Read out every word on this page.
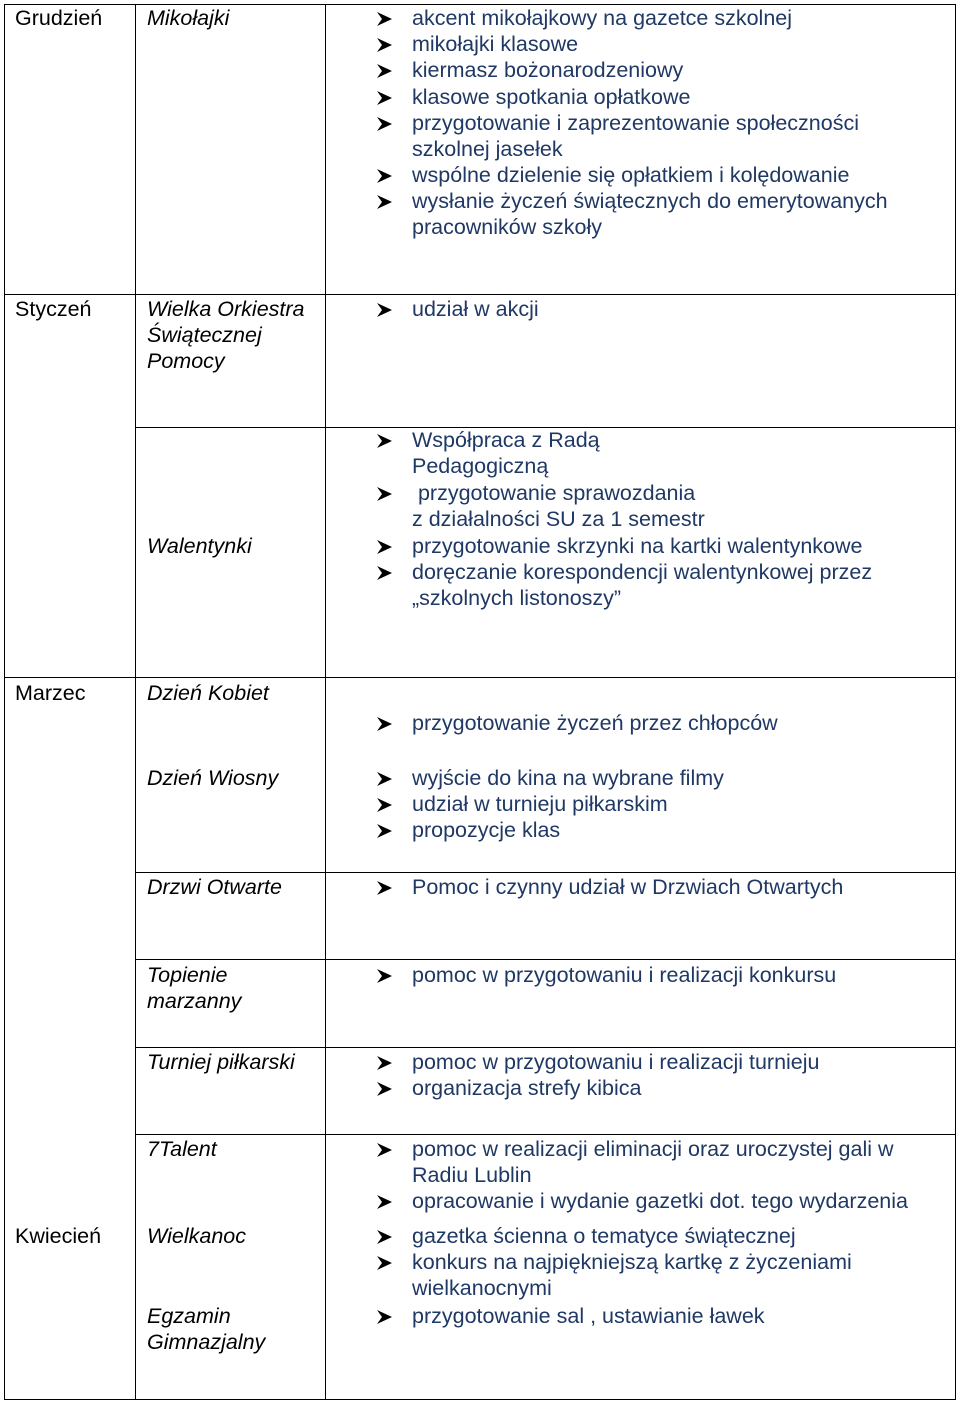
Grudzień
Styczeń
Marzec
Kwiecień
Mikołajki
Wielka Orkiestra
Świątecznej
Pomocy
Walentynki
Dzień Kobiet
Dzień Wiosny
Drzwi Otwarte
Topienie
marzanny
Turniej piłkarski
7Talent
Wielkanoc
Egzamin
Gimnazjalny
akcent mikołajkowy na gazetce szkolnej
mikołajki klasowe
kiermasz bożonarodzeniowy
klasowe spotkania opłatkowe
przygotowanie i zaprezentowanie społeczności
szkolnej jasełek
wspólne dzielenie się opłatkiem i kolędowanie
wysłanie życzeń świątecznych do emerytowanych
pracowników szkoły
udział w akcji
Współpraca z Radą
Pedagogiczną
przygotowanie sprawozdania
z działalności SU za 1 semestr
przygotowanie skrzynki na kartki walentynkowe
doręczanie korespondencji walentynkowej przez
„szkolnych listonoszy”
przygotowanie życzeń przez chłopców
wyjście do kina na wybrane filmy
udział w turnieju piłkarskim
propozycje klas
Pomoc i czynny udział w Drzwiach Otwartych
pomoc w przygotowaniu i realizacji konkursu
pomoc w przygotowaniu i realizacji turnieju
organizacja strefy kibica
pomoc w realizacji eliminacji oraz uroczystej gali w
Radiu Lublin
opracowanie i wydanie gazetki dot. tego wydarzenia
gazetka ścienna o tematyce świątecznej
konkurs na najpiękniejszą kartkę z życzeniami
wielkanocnymi
przygotowanie sal , ustawianie ławek
